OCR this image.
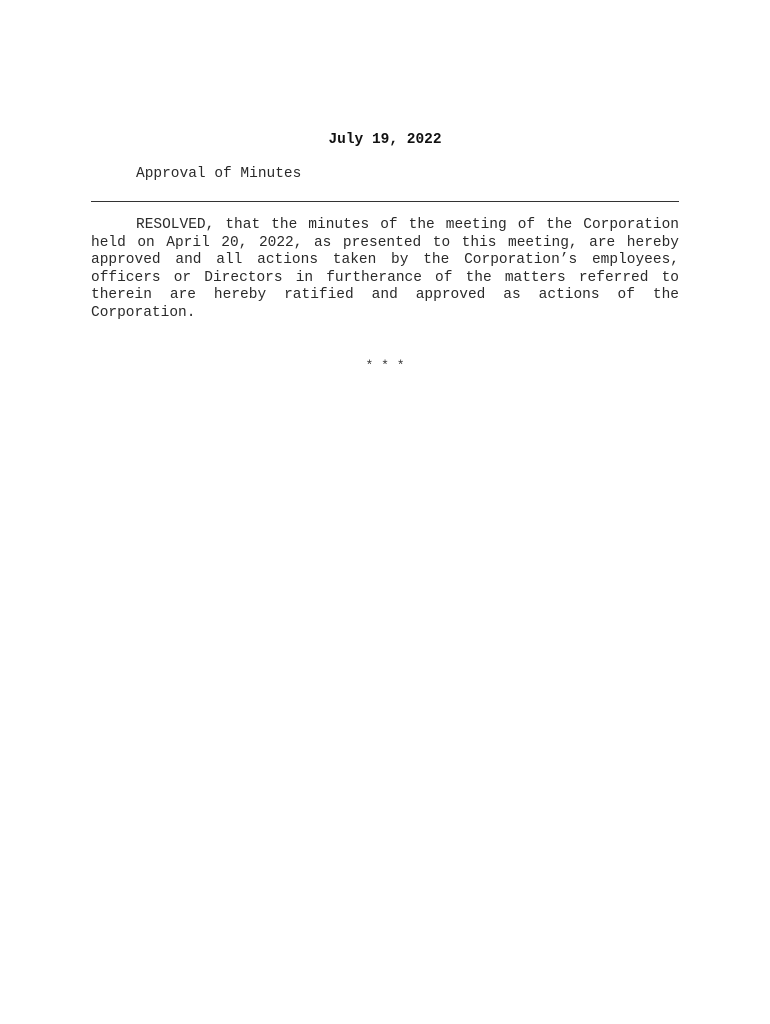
July 19, 2022
Approval of Minutes

RESOLVED, that the minutes of the meeting of the Corporation held on April 20, 2022, as presented to this meeting, are hereby approved and all actions taken by the Corporation’s employees, officers or Directors in furtherance of the matters referred to therein are hereby ratified and approved as actions of the Corporation.

* * *
